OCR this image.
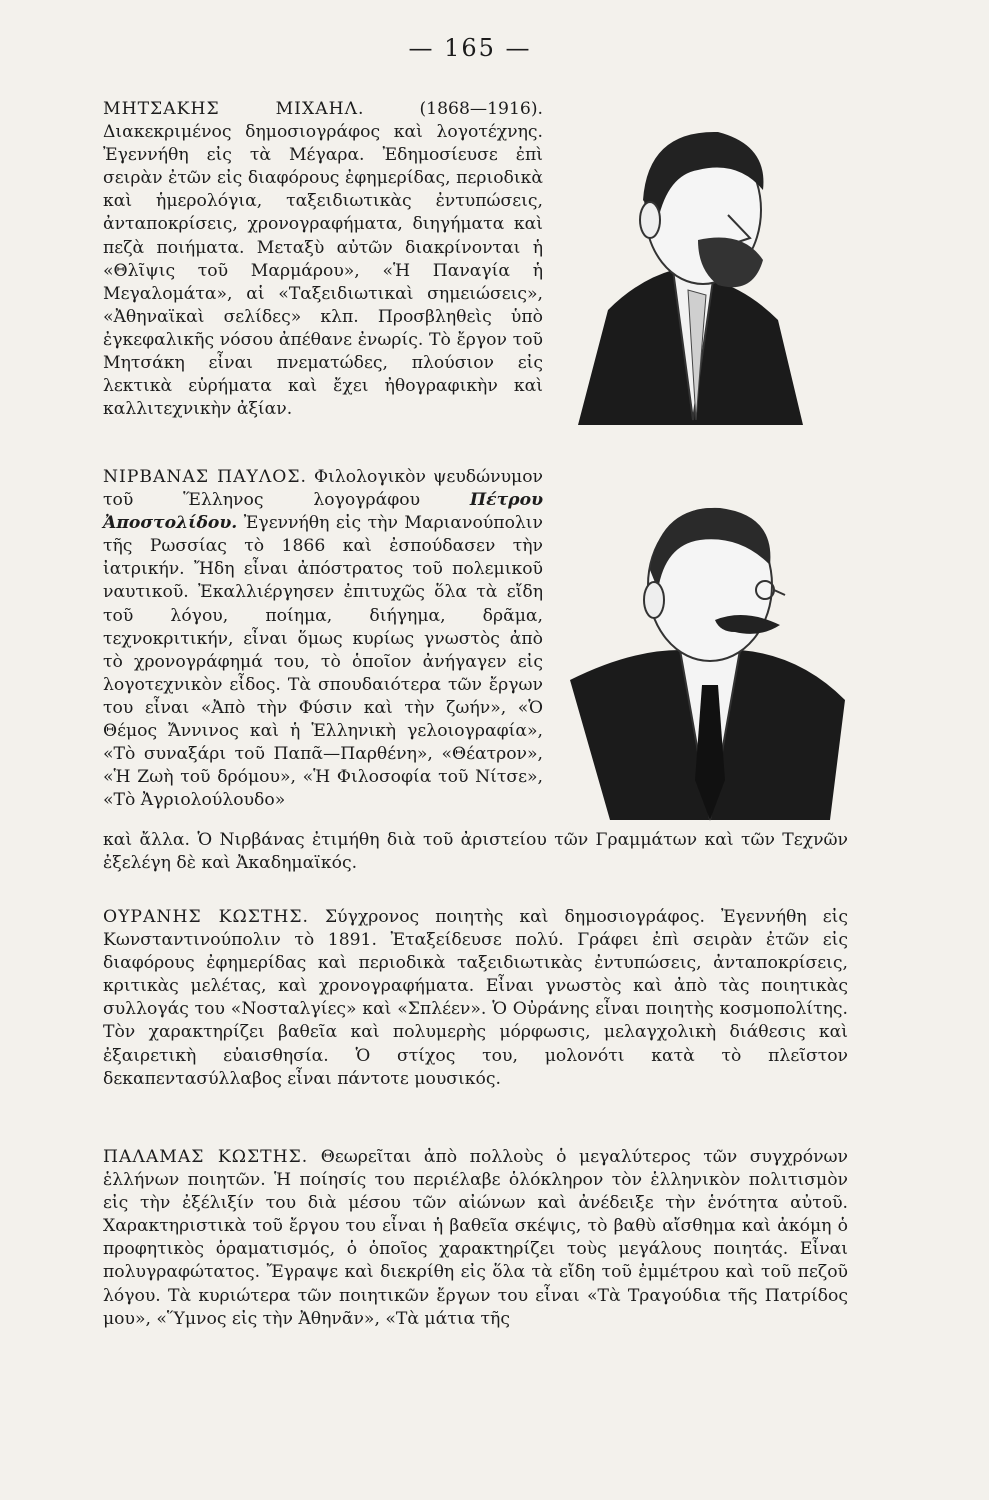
— 165 —

ΜΗΤΣΑΚΗΣ ΜΙΧΑΗΛ.	(1868—1916). Διακεκριμένος δημοσιογράφος καὶ λογοτέχνης. Ἐγεννήθη εἰς τὰ Μέγαρα. Ἐδημοσίευσε ἐπὶ σειρὰν ἐτῶν εἰς διαφόρους ἐφημερίδας, περιοδικὰ καὶ ἡμερολόγια, ταξειδιωτικὰς ἐντυπώσεις, ἀνταποκρίσεις, χρονογραφήματα, διηγήματα καὶ πεζὰ ποιήματα. Μεταξὺ αὐτῶν διακρίνονται ἡ «Θλῖψις τοῦ Μαρμάρου», «Ἡ Παναγία ἡ Μεγαλομάτα», αἱ «Ταξειδιωτικαὶ σημειώσεις», «Ἀθηναϊκαὶ σελίδες» κλπ. Προσβληθεὶς ὑπὸ ἐγκεφαλικῆς νόσου ἀπέθανε ἐνωρίς. Τὸ ἔργον τοῦ Μητσάκη εἶναι πνεματώδες, πλούσιον εἰς λεκτικὰ εὑρήματα καὶ ἔχει ἠθογραφικὴν καὶ καλλιτεχνικὴν ἀξίαν.

ΝΙΡΒΑΝΑΣ ΠΑΥΛΟΣ. Φιλολογικὸν ψευδώνυμον τοῦ Ἕλληνος λογογράφου	Πέτρου Ἀποστολίδου. Ἐγεννήθη εἰς τὴν Μαριανούπολιν τῆς Ρωσσίας τὸ 1866 καὶ ἐσπούδασεν τὴν ἰατρικήν. Ἤδη εἶναι ἀπόστρατος τοῦ πολεμικοῦ ναυτικοῦ. Ἐκαλλιέργησεν ἐπιτυχῶς ὅλα τὰ εἴδη τοῦ λόγου, ποίημα, διήγημα, δρᾶμα, τεχνοκριτικήν, εἶναι ὅμως κυρίως γνωστὸς ἀπὸ τὸ χρονογράφημά του, τὸ ὁποῖον ἀνήγαγεν εἰς λογοτεχνικὸν εἶδος. Τὰ σπουδαιότερα τῶν ἔργων του εἶναι «Ἀπὸ τὴν Φύσιν καὶ τὴν ζωήν», «Ὁ Θέμος Ἄννινος καὶ ἡ Ἑλληνικὴ γελοιογραφία», «Τὸ συναξάρι τοῦ Παπᾶ—Παρθένη», «Θέατρον», «Ἡ Ζωὴ τοῦ δρόμου», «Ἡ Φιλοσοφία τοῦ Νίτσε», «Τὸ Ἀγριολούλουδο»

καὶ ἄλλα. Ὁ Νιρβάνας ἐτιμήθη διὰ τοῦ ἀριστείου τῶν Γραμμάτων καὶ τῶν Τεχνῶν ἐξελέγη δὲ καὶ Ἀκαδημαϊκός.

ΟΥΡΑΝΗΣ ΚΩΣΤΗΣ. Σύγχρονος ποιητὴς καὶ δημοσιογράφος. Ἐγεννήθη εἰς Κωνσταντινούπολιν τὸ 1891. Ἐταξείδευσε πολύ. Γράφει ἐπὶ σειρὰν ἐτῶν εἰς διαφόρους ἐφημερίδας καὶ περιοδικὰ ταξειδιωτικὰς ἐντυπώσεις, ἀνταποκρίσεις, κριτικὰς μελέτας, καὶ χρονογραφήματα. Εἶναι γνωστὸς καὶ ἀπὸ τὰς ποιητικὰς συλλογάς του «Νοσταλγίες» καὶ «Σπλέεν». Ὁ Οὐράνης εἶναι ποιητὴς κοσμοπολίτης. Τὸν χαρακτηρίζει βαθεῖα καὶ πολυμερὴς μόρφωσις, μελαγχολικὴ διάθεσις καὶ ἐξαιρετικὴ εὐαισθησία. Ὁ στίχος του, μολονότι κατὰ τὸ πλεῖστον δεκαπεντασύλλαβος εἶναι πάντοτε μουσικός.

ΠΑΛΑΜΑΣ ΚΩΣΤΗΣ. Θεωρεῖται ἀπὸ πολλοὺς ὁ μεγαλύτερος τῶν συγχρόνων ἑλλήνων ποιητῶν. Ἡ ποίησίς του περιέλαβε ὁλόκληρον τὸν ἑλληνικὸν πολιτισμὸν εἰς τὴν ἐξέλιξίν του διὰ μέσου τῶν αἰώνων καὶ ἀνέδειξε τὴν ἑνότητα αὐτοῦ. Χαρακτηριστικὰ τοῦ ἔργου του εἶναι ἡ βαθεῖα σκέψις, τὸ βαθὺ αἴσθημα καὶ ἀκόμη ὁ προφητικὸς ὁραματισμός, ὁ ὁποῖος χαρακτηρίζει τοὺς μεγάλους ποιητάς. Εἶναι πολυγραφώτατος. Ἔγραψε καὶ διεκρίθη εἰς ὅλα τὰ εἴδη τοῦ ἐμμέτρου καὶ τοῦ πεζοῦ λόγου. Τὰ κυριώτερα τῶν ποιητικῶν ἔργων του εἶναι «Τὰ Τραγούδια τῆς Πατρίδος μου», «Ὕμνος εἰς τὴν Ἀθηνᾶν», «Τὰ μάτια τῆς
